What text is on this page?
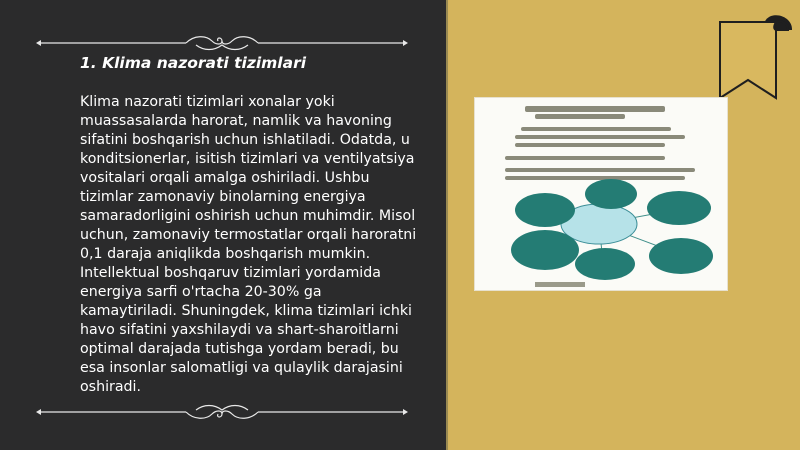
1. Klima nazorati tizimlari

Klima nazorati tizimlari xonalar yoki muassasalarda harorat, namlik va havoning sifatini boshqarish uchun ishlatiladi. Odatda, u konditsionerlar, isitish tizimlari va ventilyatsiya vositalari orqali amalga oshiriladi. Ushbu tizimlar zamonaviy binolarning energiya samaradorligini oshirish uchun muhimdir. Misol uchun, zamonaviy termostatlar orqali haroratni 0,1 daraja aniqlikda boshqarish mumkin. Intellektual boshqaruv tizimlari yordamida energiya sarfi o'rtacha 20-30% ga kamaytiriladi. Shuningdek, klima tizimlari ichki havo sifatini yaxshilaydi va shart-sharoitlarni optimal darajada tutishga yordam beradi, bu esa insonlar salomatligi va qulaylik darajasini oshiradi.
